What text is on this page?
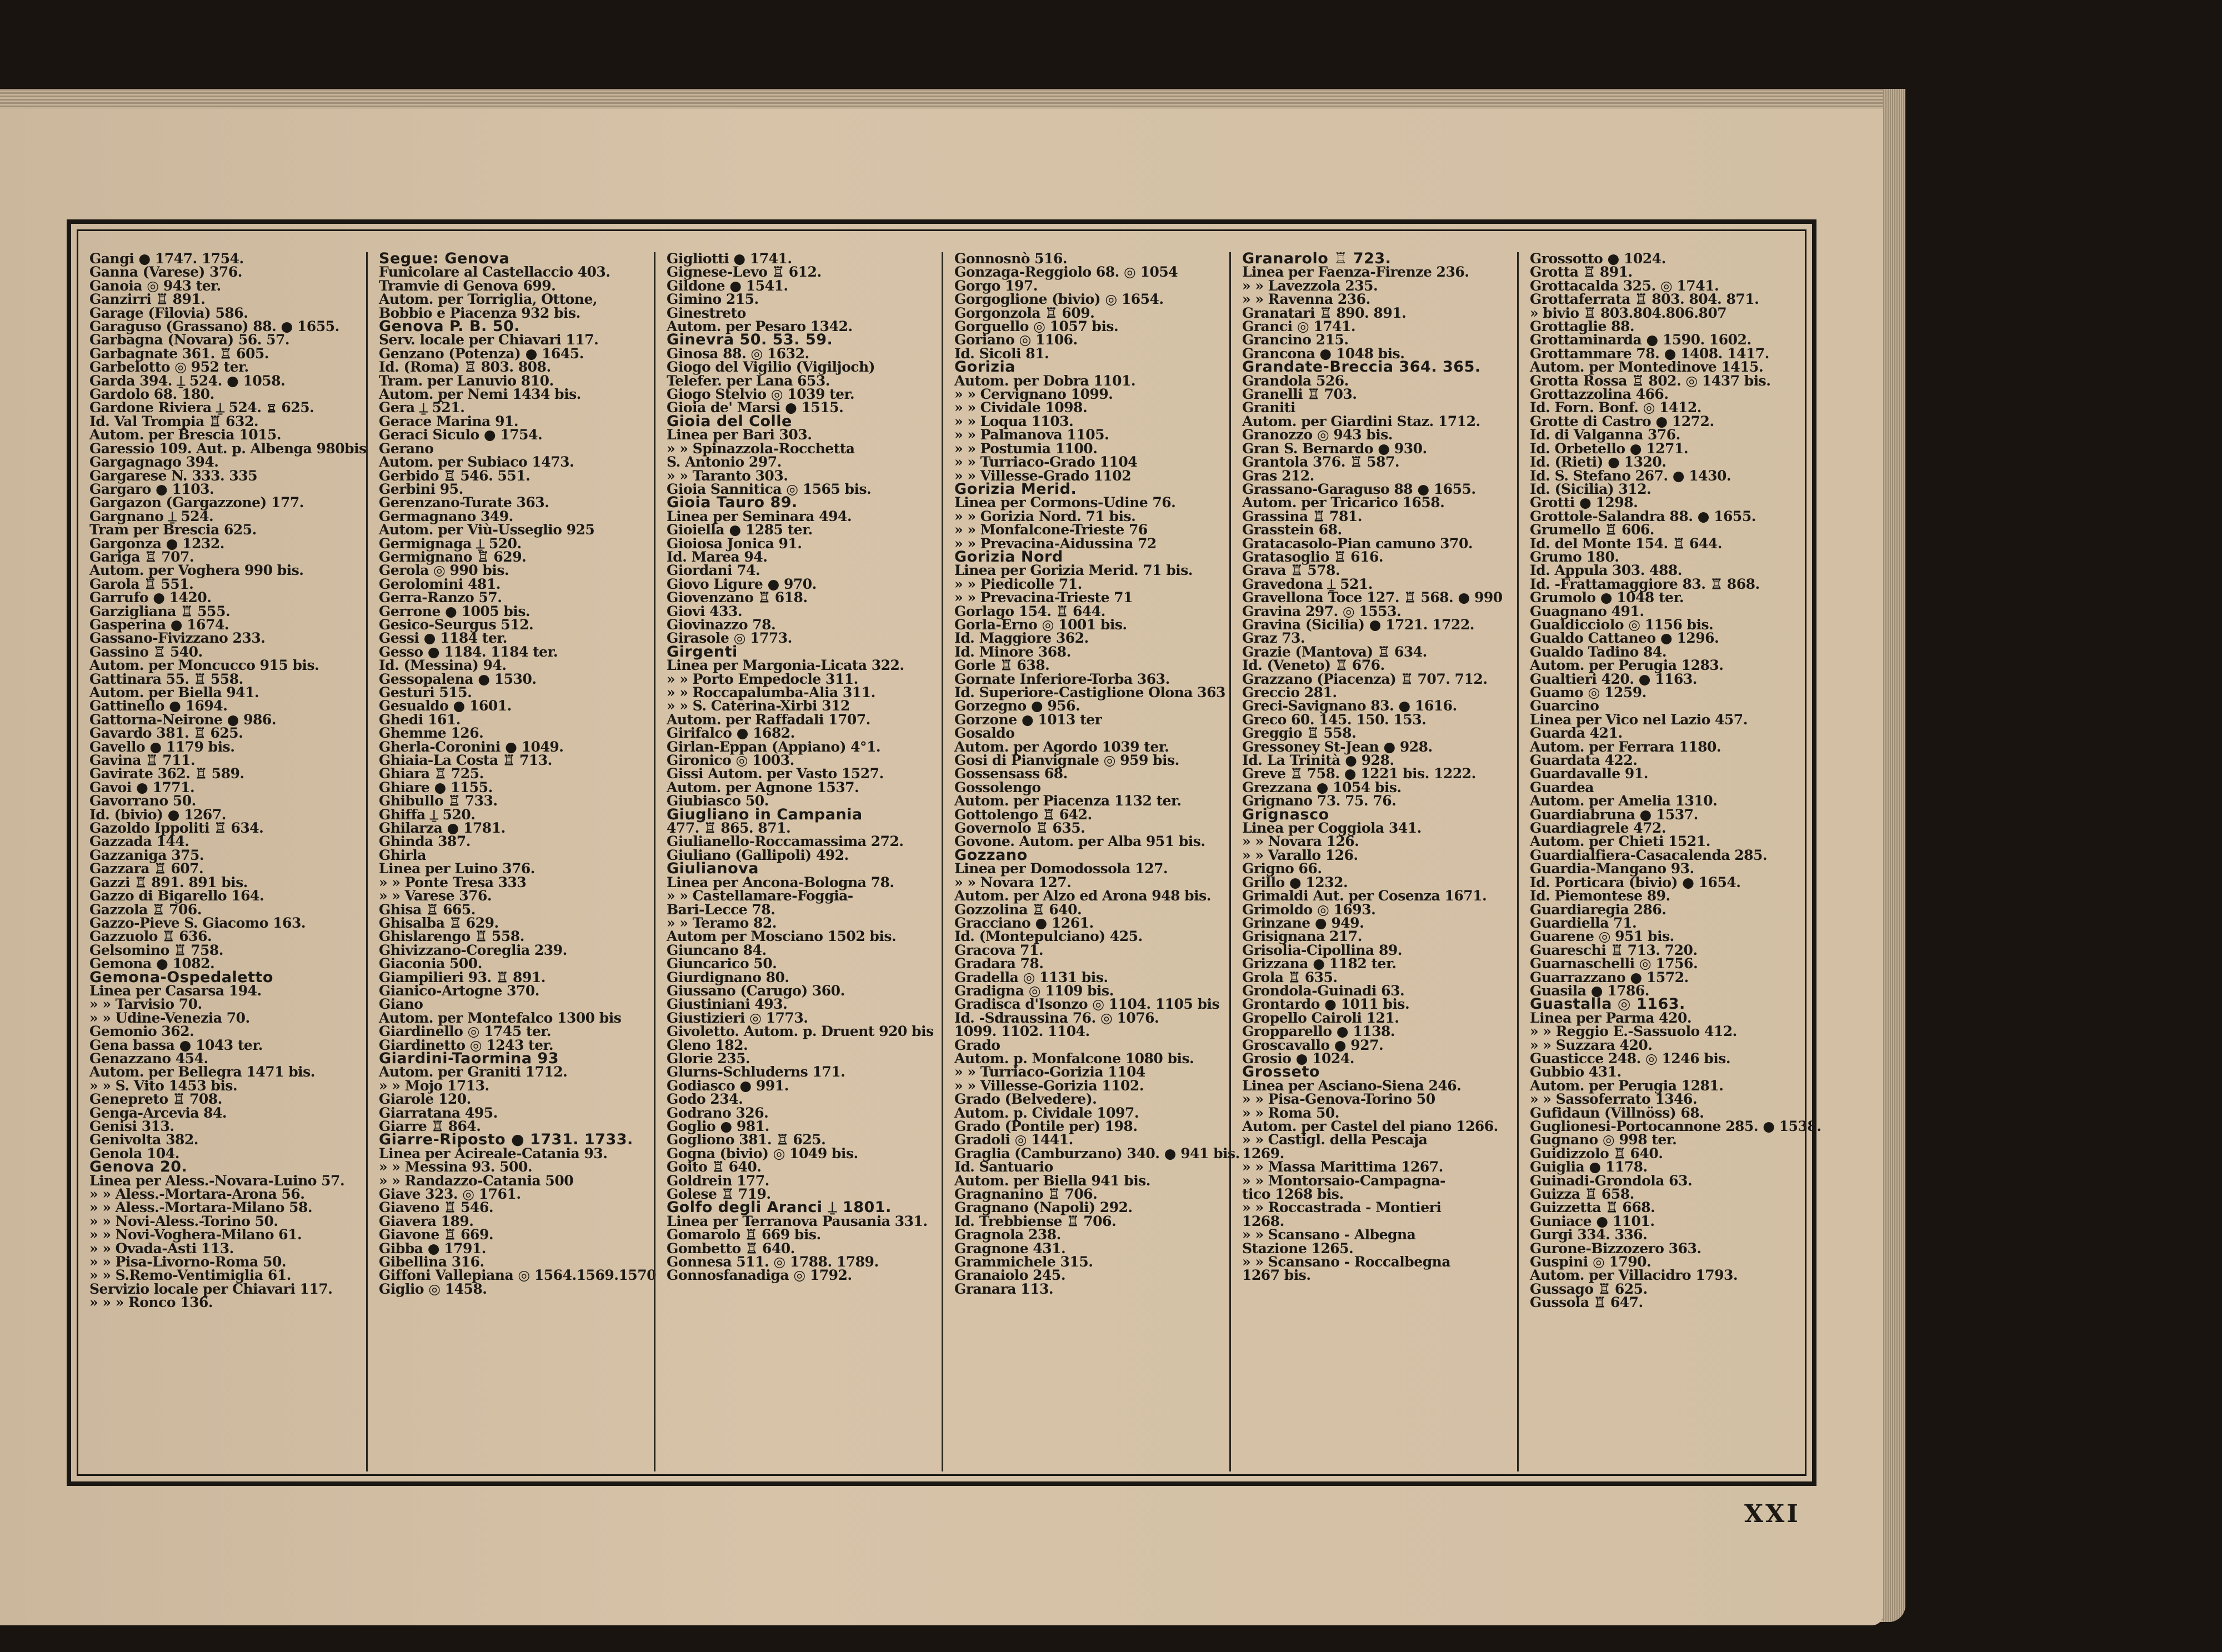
Gangi ● 1747. 1754.
Ganna (Varese) 376.
Ganoia ◎ 943 ter.
Ganzirri ♖ 891.
Garage (Filovia) 586.
Garaguso (Grassano) 88. ● 1655.
Garbagna (Novara) 56. 57.
Garbagnate 361. ♖ 605.
Garbelotto ◎ 952 ter.
Garda 394. ⍊ 524. ● 1058.
Gardolo 68. 180.
Gardone Riviera ⍊ 524. ♖ 625.
Id. Val Trompia ♖ 632.
Autom. per Brescia 1015.
Garessio 109. Aut. p. Albenga 980bis
Gargagnago 394.
Gargarese N. 333. 335
Gargaro ● 1103.
Gargazon (Gargazzone) 177.
Gargnano ⍊ 524.
Tram per Brescia 625.
Gargonza ● 1232.
Gariga ♖ 707.
Autom. per Voghera 990 bis.
Garola ♖ 551.
Garrufo ● 1420.
Garzigliana ♖ 555.
Gasperina ● 1674.
Gassano-Fivizzano 233.
Gassino ♖ 540.
Autom. per Moncucco 915 bis.
Gattinara 55. ♖ 558.
Autom. per Biella 941.
Gattinello ● 1694.
Gattorna-Neirone ● 986.
Gavardo 381. ♖ 625.
Gavello ● 1179 bis.
Gavina ♖ 711.
Gavirate 362. ♖ 589.
Gavoi ● 1771.
Gavorrano 50.
Id. (bivio) ● 1267.
Gazoldo Ippoliti ♖ 634.
Gazzada 144.
Gazzaniga 375.
Gazzara ♖ 607.
Gazzi ♖ 891. 891 bis.
Gazzo di Bigarello 164.
Gazzola ♖ 706.
Gazzo-Pieve S. Giacomo 163.
Gazzuolo ♖ 636.
Gelsomino ♖ 758.
Gemona ● 1082.
Gemona-Ospedaletto
Linea per Casarsa 194.
» » Tarvisio 70.
» » Udine-Venezia 70.
Gemonio 362.
Gena bassa ● 1043 ter.
Genazzano 454.
Autom. per Bellegra 1471 bis.
» » S. Vito 1453 bis.
Genepreto ♖ 708.
Genga-Arcevia 84.
Genisi 313.
Genivolta 382.
Genola 104.
Genova 20.
Linea per Aless.-Novara-Luino 57.
» » Aless.-Mortara-Arona 56.
» » Aless.-Mortara-Milano 58.
» » Novi-Aless.-Torino 50.
» » Novi-Voghera-Milano 61.
» » Ovada-Asti 113.
» » Pisa-Livorno-Roma 50.
» » S.Remo-Ventimiglia 61.
Servizio locale per Chiavari 117.
» » » Ronco 136.
Segue: Genova
Funicolare al Castellaccio 403.
Tramvie di Genova 699.
Autom. per Torriglia, Ottone,
Bobbio e Piacenza 932 bis.
Genova P. B. 50.
Serv. locale per Chiavari 117.
Genzano (Potenza) ● 1645.
Id. (Roma) ♖ 803. 808.
Tram. per Lanuvio 810.
Autom. per Nemi 1434 bis.
Gera ⍊ 521.
Gerace Marina 91.
Geraci Siculo ● 1754.
Gerano
Autom. per Subiaco 1473.
Gerbido ♖ 546. 551.
Gerbini 95.
Gerenzano-Turate 363.
Germagnano 349.
Autom. per Viù-Usseglio 925
Germignaga ⍊ 520.
Germignano ♖ 629.
Gerola ◎ 990 bis.
Gerolomini 481.
Gerra-Ranzo 57.
Gerrone ● 1005 bis.
Gesico-Seurgus 512.
Gessi ● 1184 ter.
Gesso ● 1184. 1184 ter.
Id. (Messina) 94.
Gessopalena ● 1530.
Gesturi 515.
Gesualdo ● 1601.
Ghedi 161.
Ghemme 126.
Gherla-Coronini ● 1049.
Ghiaia-La Costa ♖ 713.
Ghiara ♖ 725.
Ghiare ● 1155.
Ghibullo ♖ 733.
Ghiffa ⍊ 520.
Ghilarza ● 1781.
Ghinda 387.
Ghirla
Linea per Luino 376.
» » Ponte Tresa 333
» » Varese 376.
Ghisa ♖ 665.
Ghisalba ♖ 629.
Ghislarengo ♖ 558.
Ghivizzano-Coreglia 239.
Giaconia 500.
Giampilieri 93. ♖ 891.
Gianico-Artogne 370.
Giano
Autom. per Montefalco 1300 bis
Giardinello ◎ 1745 ter.
Giardinetto ◎ 1243 ter.
Giardini-Taormina 93
Autom. per Graniti 1712.
» » Mojo 1713.
Giarole 120.
Giarratana 495.
Giarre ♖ 864.
Giarre-Riposto ● 1731. 1733.
Linea per Acireale-Catania 93.
» » Messina 93. 500.
» » Randazzo-Catania 500
Giave 323. ◎ 1761.
Giaveno ♖ 546.
Giavera 189.
Giavone ♖ 669.
Gibba ● 1791.
Gibellina 316.
Giffoni Vallepiana ◎ 1564.1569.1570
Giglio ◎ 1458.
Gigliotti ● 1741.
Gignese-Levo ♖ 612.
Gildone ● 1541.
Gimino 215.
Ginestreto
Autom. per Pesaro 1342.
Ginevra 50. 53. 59.
Ginosa 88. ◎ 1632.
Giogo del Vigilio (Vigiljoch)
Telefer. per Lana 653.
Giogo Stelvio ◎ 1039 ter.
Gioia de' Marsi ● 1515.
Gioia del Colle
Linea per Bari 303.
» » Spinazzola-Rocchetta
S. Antonio 297.
» » Taranto 303.
Gioia Sannitica ◎ 1565 bis.
Gioia Tauro 89.
Linea per Seminara 494.
Gioiella ● 1285 ter.
Gioiosa Jonica 91.
Id. Marea 94.
Giordani 74.
Giovo Ligure ● 970.
Giovenzano ♖ 618.
Giovi 433.
Giovinazzo 78.
Girasole ◎ 1773.
Girgenti
Linea per Margonia-Licata 322.
» » Porto Empedocle 311.
» » Roccapalumba-Alia 311.
» » S. Caterina-Xirbi 312
Autom. per Raffadali 1707.
Girifalco ● 1682.
Girlan-Eppan (Appiano) 4°1.
Gironico ◎ 1003.
Gissi Autom. per Vasto 1527.
Autom. per Agnone 1537.
Giubiasco 50.
Giugliano in Campania
477. ♖ 865. 871.
Giulianello-Roccamassima 272.
Giuliano (Gallipoli) 492.
Giulianova
Linea per Ancona-Bologna 78.
» » Castellamare-Foggia-
Bari-Lecce 78.
» » Teramo 82.
Autom per Mosciano 1502 bis.
Giuncano 84.
Giuncarico 50.
Giurdignano 80.
Giussano (Carugo) 360.
Giustiniani 493.
Giustizieri ◎ 1773.
Givoletto. Autom. p. Druent 920 bis
Gleno 182.
Glorie 235.
Glurns-Schluderns 171.
Godiasco ● 991.
Godo 234.
Godrano 326.
Goglio ● 981.
Gogliono 381. ♖ 625.
Gogna (bivio) ◎ 1049 bis.
Goito ♖ 640.
Goldrein 177.
Golese ♖ 719.
Golfo degli Aranci ⍊ 1801.
Linea per Terranova Pausania 331.
Gomarolo ♖ 669 bis.
Gombetto ♖ 640.
Gonnesa 511. ◎ 1788. 1789.
Gonnosfanadiga ◎ 1792.
Gonnosnò 516.
Gonzaga-Reggiolo 68. ◎ 1054
Gorgo 197.
Gorgoglione (bivio) ◎ 1654.
Gorgonzola ♖ 609.
Gorguello ◎ 1057 bis.
Goriano ◎ 1106.
Id. Sicoli 81.
Gorizia
Autom. per Dobra 1101.
» » Cervignano 1099.
» » Cividale 1098.
» » Loqua 1103.
» » Palmanova 1105.
» » Postumia 1100.
» » Turriaco-Grado 1104
» » Villesse-Grado 1102
Gorizia Merid.
Linea per Cormons-Udine 76.
» » Gorizia Nord. 71 bis.
» » Monfalcone-Trieste 76
» » Prevacina-Aidussina 72
Gorizia Nord
Linea per Gorizia Merid. 71 bis.
» » Piedicolle 71.
» » Prevacina-Trieste 71
Gorlago 154. ♖ 644.
Gorla-Erno ◎ 1001 bis.
Id. Maggiore 362.
Id. Minore 368.
Gorle ♖ 638.
Gornate Inferiore-Torba 363.
Id. Superiore-Castiglione Olona 363
Gorzegno ● 956.
Gorzone ● 1013 ter
Gosaldo
Autom. per Agordo 1039 ter.
Gosi di Pianvignale ◎ 959 bis.
Gossensass 68.
Gossolengo
Autom. per Piacenza 1132 ter.
Gottolengo ♖ 642.
Governolo ♖ 635.
Govone. Autom. per Alba 951 bis.
Gozzano
Linea per Domodossola 127.
» » Novara 127.
Autom. per Alzo ed Arona 948 bis.
Gozzolina ♖ 640.
Gracciano ● 1261.
Id. (Montepulciano) 425.
Gracova 71.
Gradara 78.
Gradella ◎ 1131 bis.
Gradigna ◎ 1109 bis.
Gradisca d'Isonzo ◎ 1104. 1105 bis
Id. -Sdraussina 76. ◎ 1076.
1099. 1102. 1104.
Grado
Autom. p. Monfalcone 1080 bis.
» » Turriaco-Gorizia 1104
» » Villesse-Gorizia 1102.
Grado (Belvedere).
Autom. p. Cividale 1097.
Grado (Pontile per) 198.
Gradoli ◎ 1441.
Graglia (Camburzano) 340. ● 941 bis.
Id. Santuario
Autom. per Biella 941 bis.
Gragnanino ♖ 706.
Gragnano (Napoli) 292.
Id. Trebbiense ♖ 706.
Gragnola 238.
Gragnone 431.
Grammichele 315.
Granaiolo 245.
Granara 113.
Granarolo ♖ 723.
Linea per Faenza-Firenze 236.
» » Lavezzola 235.
» » Ravenna 236.
Granatari ♖ 890. 891.
Granci ◎ 1741.
Grancino 215.
Grancona ● 1048 bis.
Grandate-Breccia 364. 365.
Grandola 526.
Granelli ♖ 703.
Graniti
Autom. per Giardini Staz. 1712.
Granozzo ◎ 943 bis.
Gran S. Bernardo ● 930.
Grantola 376. ♖ 587.
Gras 212.
Grassano-Garaguso 88 ● 1655.
Autom. per Tricarico 1658.
Grassina ♖ 781.
Grasstein 68.
Gratacasolo-Pian camuno 370.
Gratasoglio ♖ 616.
Grava ♖ 578.
Gravedona ⍊ 521.
Gravellona Toce 127. ♖ 568. ● 990
Gravina 297. ◎ 1553.
Gravina (Sicilia) ● 1721. 1722.
Graz 73.
Grazie (Mantova) ♖ 634.
Id. (Veneto) ♖ 676.
Grazzano (Piacenza) ♖ 707. 712.
Greccio 281.
Greci-Savignano 83. ● 1616.
Greco 60. 145. 150. 153.
Greggio ♖ 558.
Gressoney St-Jean ● 928.
Id. La Trinità ● 928.
Greve ♖ 758. ● 1221 bis. 1222.
Grezzana ● 1054 bis.
Grignano 73. 75. 76.
Grignasco
Linea per Coggiola 341.
» » Novara 126.
» » Varallo 126.
Grigno 66.
Grillo ● 1232.
Grimaldi Aut. per Cosenza 1671.
Grimoldo ◎ 1693.
Grinzane ● 949.
Grisignana 217.
Grisolia-Cipollina 89.
Grizzana ● 1182 ter.
Grola ♖ 635.
Grondola-Guinadi 63.
Grontardo ● 1011 bis.
Gropello Cairoli 121.
Gropparello ● 1138.
Groscavallo ● 927.
Grosio ● 1024.
Grosseto
Linea per Asciano-Siena 246.
» » Pisa-Genova-Torino 50
» » Roma 50.
Autom. per Castel del piano 1266.
» » Castigl. della Pescaja
1269.
» » Massa Marittima 1267.
» » Montorsaio-Campagna-
tico 1268 bis.
» » Roccastrada - Montieri
1268.
» » Scansano - Albegna
Stazione 1265.
» » Scansano - Roccalbegna
1267 bis.
Grossotto ● 1024.
Grotta ♖ 891.
Grottacalda 325. ◎ 1741.
Grottaferrata ♖ 803. 804. 871.
» bivio ♖ 803.804.806.807
Grottaglie 88.
Grottaminarda ● 1590. 1602.
Grottammare 78. ● 1408. 1417.
Autom. per Montedinove 1415.
Grotta Rossa ♖ 802. ◎ 1437 bis.
Grottazzolina 466.
Id. Forn. Bonf. ◎ 1412.
Grotte di Castro ● 1272.
Id. di Valganna 376.
Id. Orbetello ● 1271.
Id. (Rieti) ● 1320.
Id. S. Stefano 267. ● 1430.
Id. (Sicilia) 312.
Grotti ● 1298.
Grottole-Salandra 88. ● 1655.
Grumello ♖ 606.
Id. del Monte 154. ♖ 644.
Grumo 180.
Id. Appula 303. 488.
Id. -Frattamaggiore 83. ♖ 868.
Grumolo ● 1048 ter.
Guagnano 491.
Gualdicciolo ◎ 1156 bis.
Gualdo Cattaneo ● 1296.
Gualdo Tadino 84.
Autom. per Perugia 1283.
Gualtieri 420. ● 1163.
Guamo ◎ 1259.
Guarcino
Linea per Vico nel Lazio 457.
Guarda 421.
Autom. per Ferrara 1180.
Guardata 422.
Guardavalle 91.
Guardea
Autom. per Amelia 1310.
Guardiabruna ● 1537.
Guardiagrele 472.
Autom. per Chieti 1521.
Guardialfiera-Casacalenda 285.
Guardia-Mangano 93.
Id. Porticara (bivio) ● 1654.
Id. Piemontese 89.
Guardiaregia 286.
Guardiella 71.
Guarene ◎ 951 bis.
Guareschi ♖ 713. 720.
Guarnaschelli ◎ 1756.
Guarrazzano ● 1572.
Guasila ● 1786.
Guastalla ◎ 1163.
Linea per Parma 420.
» » Reggio E.-Sassuolo 412.
» » Suzzara 420.
Guasticce 248. ◎ 1246 bis.
Gubbio 431.
Autom. per Perugia 1281.
» » Sassoferrato 1346.
Gufidaun (Villnöss) 68.
Guglionesi-Portocannone 285. ● 1538.
Gugnano ◎ 998 ter.
Guidizzolo ♖ 640.
Guiglia ● 1178.
Guinadi-Grondola 63.
Guizza ♖ 658.
Guizzetta ♖ 668.
Guniace ● 1101.
Gurgi 334. 336.
Gurone-Bizzozero 363.
Guspini ◎ 1790.
Autom. per Villacidro 1793.
Gussago ♖ 625.
Gussola ♖ 647.
XXI
